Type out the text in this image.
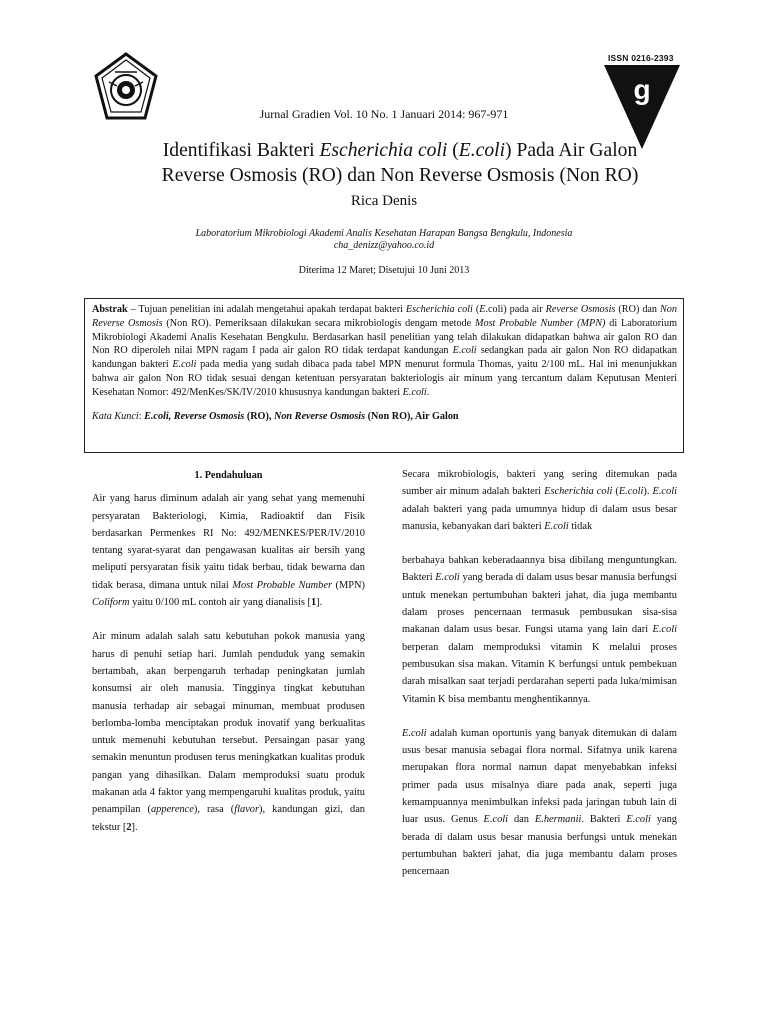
ISSN 0216-2393
g
Jurnal Gradien Vol. 10 No. 1 Januari 2014: 967-971
Identifikasi Bakteri Escherichia coli (E.coli) Pada Air Galon
Reverse Osmosis (RO) dan Non Reverse Osmosis (Non RO)
Rica Denis
Laboratorium Mikrobiologi Akademi Analis Kesehatan Harapan Bangsa Bengkulu, Indonesia
cha_denizz@yahoo.co.id
Diterima 12 Maret; Disetujui 10 Juni 2013
Abstrak – Tujuan penelitian ini adalah mengetahui apakah terdapat bakteri Escherichia coli (E.coli) pada air Reverse Osmosis (RO) dan Non Reverse Osmosis (Non RO). Pemeriksaan dilakukan secara mikrobiologis dengam metode Most Probable Number (MPN) di Laboratorium Mikrobiologi Akademi Analis Kesehatan Bengkulu. Berdasarkan hasil penelitian yang telah dilakukan didapatkan bahwa air galon RO dan Non RO diperoleh nilai MPN ragam I pada air galon RO tidak terdapat kandungan E.coli sedangkan pada air galon Non RO didapatkan kandungan bakteri E.coli pada media yang sudah dibaca pada tabel MPN menurut formula Thomas, yaitu 2/100 mL. Hal ini menunjukkan bahwa air galon Non RO tidak sesuai dengan ketentuan persyaratan bakteriologis air minum yang tercantum dalam Keputusan Menteri Kesehatan Nomor: 492/MenKes/SK/IV/2010 khususnya kandungan bakteri E.coli.
Kata Kunci: E.coli, Reverse Osmosis (RO), Non Reverse Osmosis (Non RO), Air Galon
1. Pendahuluan

Air yang harus diminum adalah air yang sehat yang memenuhi persyaratan Bakteriologi, Kimia, Radioaktif dan Fisik berdasarkan Permenkes RI No: 492/MENKES/PER/IV/2010 tentang syarat-syarat dan pengawasan kualitas air bersih yang meliputi persyaratan fisik yaitu tidak berbau, tidak bewarna dan tidak berasa, dimana untuk nilai Most Probable Number (MPN) Coliform yaitu 0/100 mL contoh air yang dianalisis [1].

Air minum adalah salah satu kebutuhan pokok manusia yang harus di penuhi setiap hari. Jumlah penduduk yang semakin bertambah, akan berpengaruh terhadap peningkatan jumlah konsumsi air oleh manusia. Tingginya tingkat kebutuhan manusia terhadap air sebagai minuman, membuat produsen berlomba-lomba menciptakan produk inovatif yang berkualitas untuk memenuhi kebutuhan tersebut. Persaingan pasar yang semakin menuntun produsen terus meningkatkan kualitas produk pangan yang dihasilkan. Dalam memproduksi suatu produk makanan ada 4 faktor yang mempengaruhi kualitas produk, yaitu penampilan (apperence), rasa (flavor), kandungan gizi, dan tekstur [2].

Secara mikrobiologis, bakteri yang sering ditemukan pada sumber air minum adalah bakteri Escherichia coli (E.coli). E.coli adalah bakteri yang pada umumnya hidup di dalam usus besar manusia, kebanyakan dari bakteri E.coli tidak

berbahaya bahkan keberadaannya bisa dibilang menguntungkan. Bakteri E.coli yang berada di dalam usus besar manusia berfungsi untuk menekan pertumbuhan bakteri jahat, dia juga membantu dalam proses pencernaan termasuk pembusukan sisa-sisa makanan dalam usus besar. Fungsi utama yang lain dari E.coli berperan dalam memproduksi vitamin K melalui proses pembusukan sisa makan. Vitamin K berfungsi untuk pembekuan darah misalkan saat terjadi perdarahan seperti pada luka/mimisan Vitamin K bisa membantu menghentikannya.

E.coli adalah kuman oportunis yang banyak ditemukan di dalam usus besar manusia sebagai flora normal. Sifatnya unik karena merupakan flora normal namun dapat menyebabkan infeksi primer pada usus misalnya diare pada anak, seperti juga kemampuannya menimbulkan infeksi pada jaringan tubuh lain di luar usus. Genus E.coli dan E.hermanii. Bakteri E.coli yang berada di dalam usus besar manusia berfungsi untuk menekan pertumbuhan bakteri jahat, dia juga membantu dalam proses pencernaan
